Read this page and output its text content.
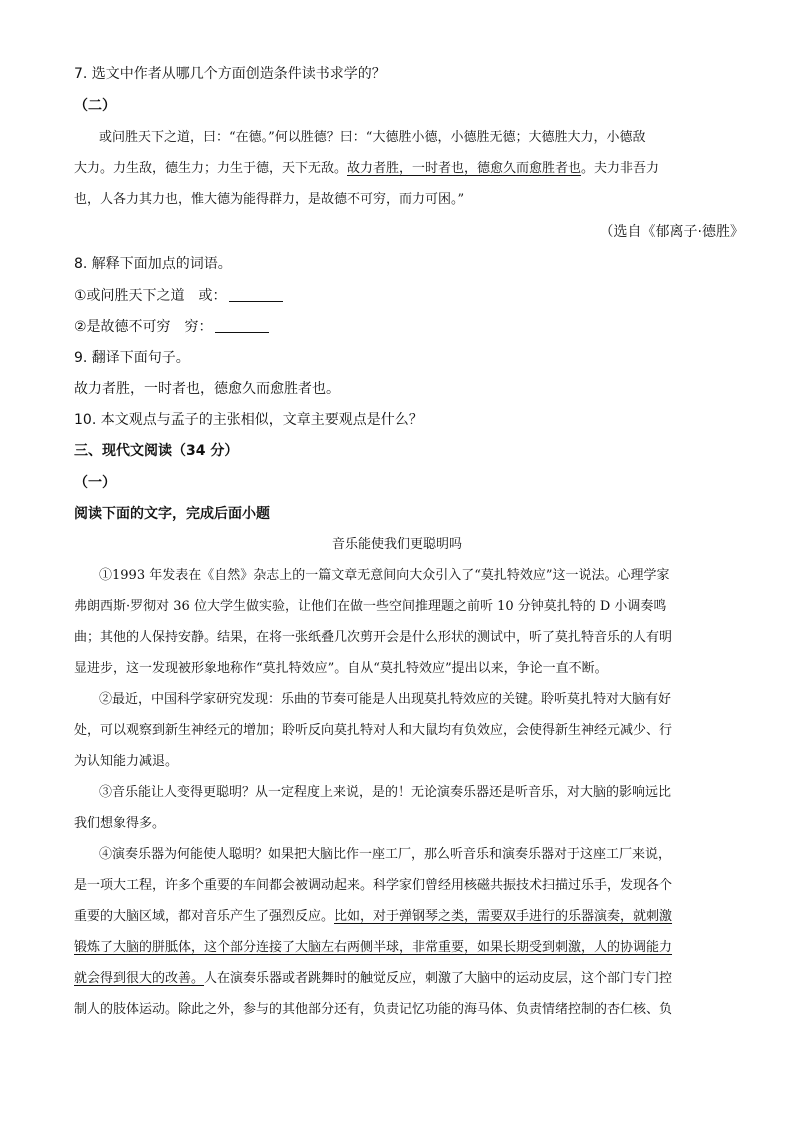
7. 选文中作者从哪几个方面创造条件读书求学的？
（二）
或问胜天下之道，曰：“在德。”何以胜德？曰：“大德胜小德，小德胜无德；大德胜大力，小德敌
大力。力生敌，德生力；力生于德，天下无敌。故力者胜，一时者也，德愈久而愈胜者也。夫力非吾力
也，人各力其力也，惟大德为能得群力，是故德不可穷，而力可困。”
（选自《郁离子·德胜》
8. 解释下面加点的词语。
①或问胜天下之道　或：
②是故德不可穷　穷：
9. 翻译下面句子。
故力者胜，一时者也，德愈久而愈胜者也。
10. 本文观点与孟子的主张相似，文章主要观点是什么？
三、现代文阅读（34 分）
（一）
阅读下面的文字，完成后面小题
音乐能使我们更聪明吗
①1993 年发表在《自然》杂志上的一篇文章无意间向大众引入了“莫扎特效应”这一说法。心理学家
弗朗西斯·罗彻对 36 位大学生做实验，让他们在做一些空间推理题之前听 10 分钟莫扎特的 D 小调奏鸣
曲；其他的人保持安静。结果，在将一张纸叠几次剪开会是什么形状的测试中，听了莫扎特音乐的人有明
显进步，这一发现被形象地称作“莫扎特效应”。自从“莫扎特效应”提出以来，争论一直不断。
②最近，中国科学家研究发现：乐曲的节奏可能是人出现莫扎特效应的关键。聆听莫扎特对大脑有好
处，可以观察到新生神经元的增加；聆听反向莫扎特对人和大鼠均有负效应，会使得新生神经元减少、行
为认知能力减退。
③音乐能让人变得更聪明？从一定程度上来说，是的！无论演奏乐器还是听音乐，对大脑的影响远比
我们想象得多。
④演奏乐器为何能使人聪明？如果把大脑比作一座工厂，那么听音乐和演奏乐器对于这座工厂来说，
是一项大工程，许多个重要的车间都会被调动起来。科学家们曾经用核磁共振技术扫描过乐手，发现各个
重要的大脑区域，都对音乐产生了强烈反应。比如，对于弹钢琴之类，需要双手进行的乐器演奏，就刺激
锻炼了大脑的胼胝体，这个部分连接了大脑左右两侧半球，非常重要，如果长期受到刺激，人的协调能力
就会得到很大的改善。人在演奏乐器或者跳舞时的触觉反应，刺激了大脑中的运动皮层，这个部门专门控
制人的肢体运动。除此之外，参与的其他部分还有，负责记忆功能的海马体、负责情绪控制的杏仁核、负
